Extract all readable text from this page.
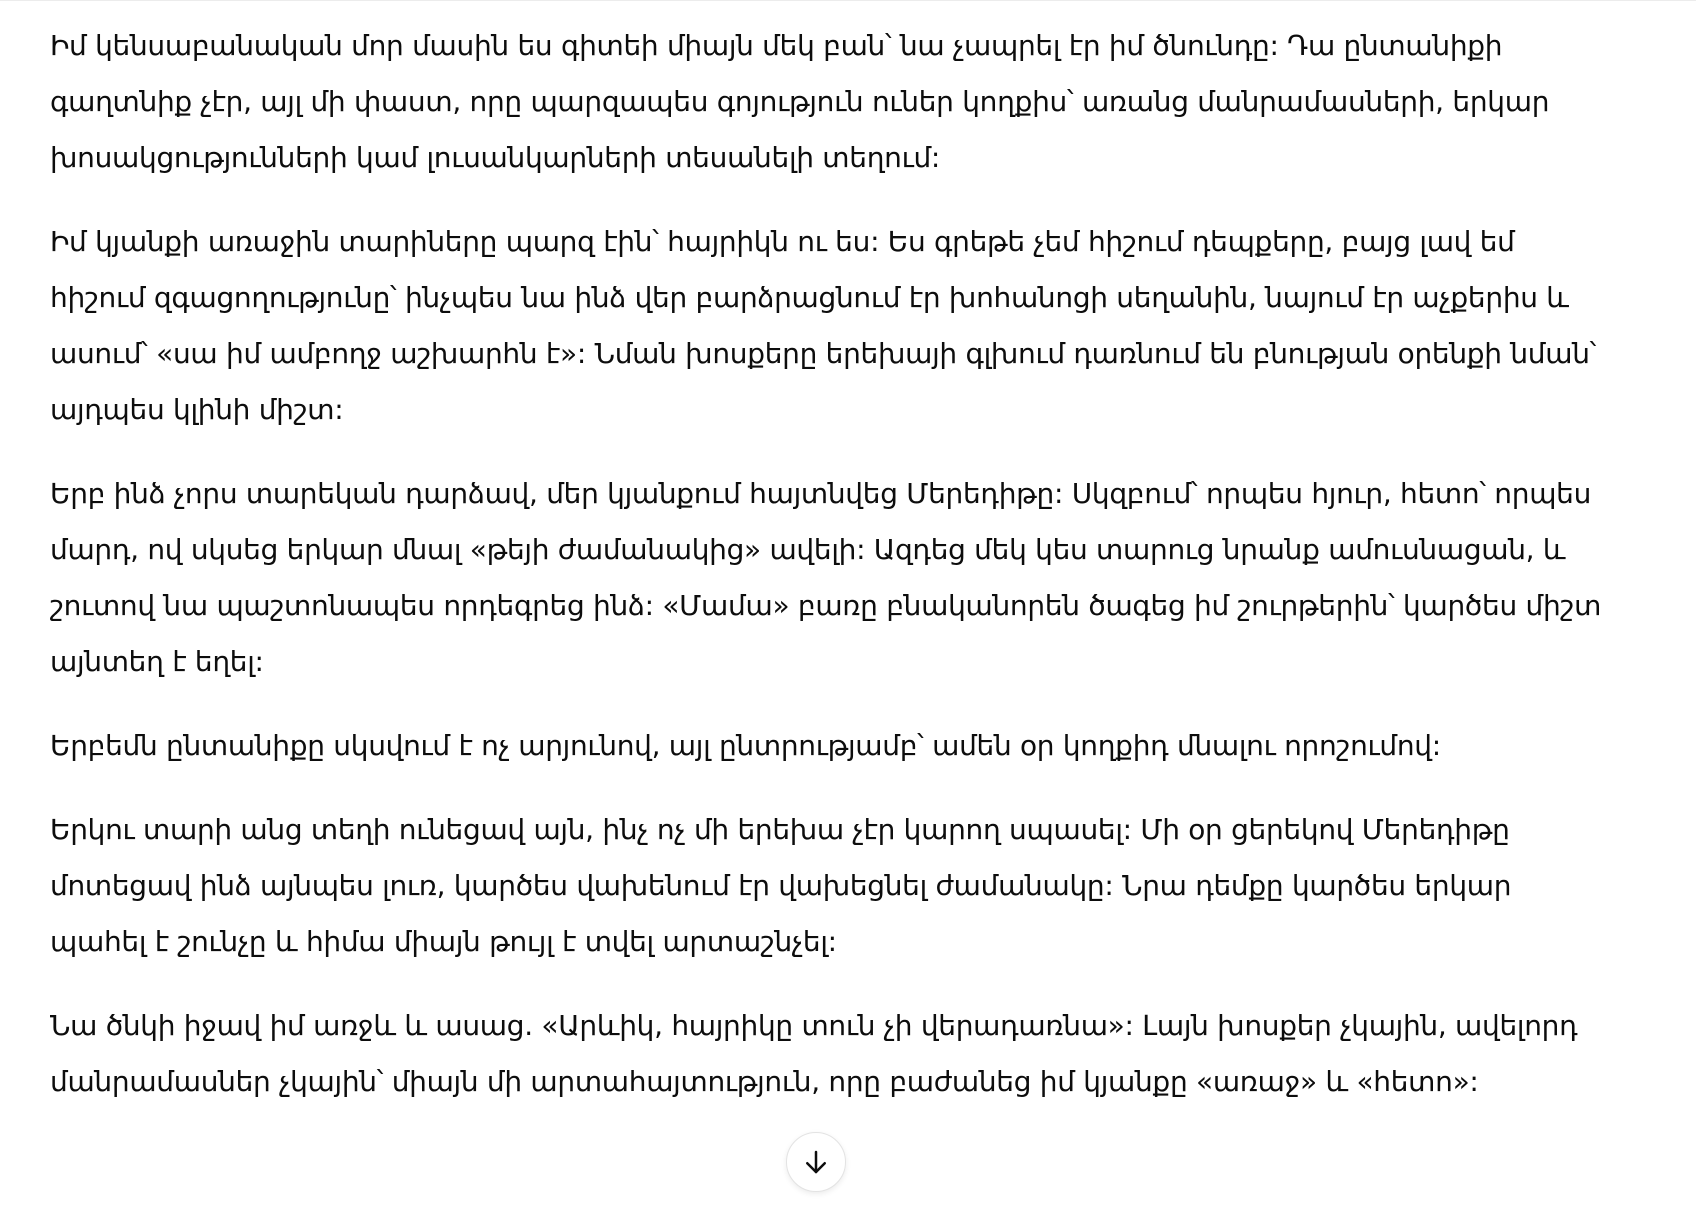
Իմ կենսաբանական մոր մասին ես գիտեի միայն մեկ բան՝ նա չապրել էր իմ ծնունդը: Դա ընտանիքի գաղտնիք չէր, այլ մի փաստ, որը պարզապես գոյություն ուներ կողքիս՝ առանց մանրամասների, երկար խոսակցությունների կամ լուսանկարների տեսանելի տեղում:

Իմ կյանքի առաջին տարիները պարզ էին՝ հայրիկն ու ես: Ես գրեթե չեմ հիշում դեպքերը, բայց լավ եմ հիշում զգացողությունը՝ ինչպես նա ինձ վեր բարձրացնում էր խոհանոցի սեղանին, նայում էր աչքերիս և ասում՝ «սա իմ ամբողջ աշխարհն է»: Նման խոսքերը երեխայի գլխում դառնում են բնության օրենքի նման՝ այդպես կլինի միշտ:

Երբ ինձ չորս տարեկան դարձավ, մեր կյանքում հայտնվեց Մերեդիթը: Սկզբում՝ որպես հյուր, հետո՝ որպես մարդ, ով սկսեց երկար մնալ «թեյի ժամանակից» ավելի: Ազդեց մեկ կես տարուց նրանք ամուսնացան, և շուտով նա պաշտոնապես որդեգրեց ինձ: «Մամա» բառը բնականորեն ծագեց իմ շուրթերին՝ կարծես միշտ այնտեղ է եղել:

Երբեմն ընտանիքը սկսվում է ոչ արյունով, այլ ընտրությամբ՝ ամեն օր կողքիդ մնալու որոշումով:

Երկու տարի անց տեղի ունեցավ այն, ինչ ոչ մի երեխա չէր կարող սպասել: Մի օր ցերեկով Մերեդիթը մոտեցավ ինձ այնպես լուռ, կարծես վախենում էր վախեցնել ժամանակը: Նրա դեմքը կարծես երկար պահել է շունչը և հիմա միայն թույլ է տվել արտաշնչել:

Նա ծնկի իջավ իմ առջև և ասաց. «Արևիկ, հայրիկը տուն չի վերադառնա»: Լայն խոսքեր չկային, ավելորդ մանրամասներ չկային՝ միայն մի արտահայտություն, որը բաժանեց իմ կյանքը «առաջ» և «հետո»:
